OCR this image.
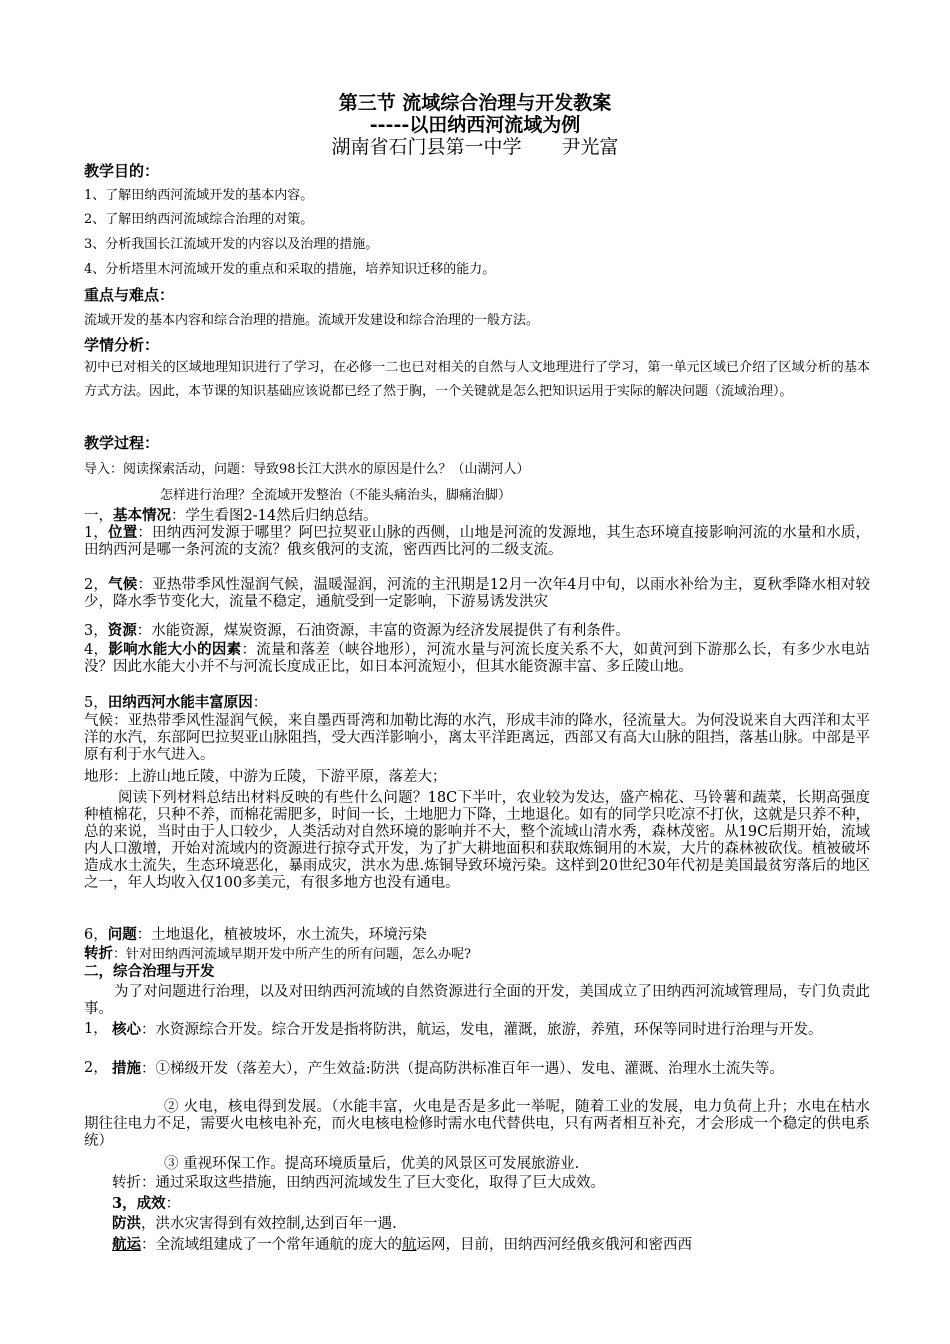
第三节 流域综合治理与开发教案
-----以田纳西河流域为例
湖南省石门县第一中学 尹光富
教学目的：
1、了解田纳西河流域开发的基本内容。
2、了解田纳西河流域综合治理的对策。
3、分析我国长江流域开发的内容以及治理的措施。
4、分析塔里木河流域开发的重点和采取的措施，培养知识迁移的能力。
重点与难点：
流域开发的基本内容和综合治理的措施。流域开发建设和综合治理的一般方法。
学情分析：
初中已对相关的区域地理知识进行了学习，在必修一二也已对相关的自然与人文地理进行了学习，第一单元区域已介绍了区域分析的基本方式方法。因此，本节课的知识基础应该说都已经了然于胸，一个关键就是怎么把知识运用于实际的解决问题（流域治理）。
教学过程：
导入：阅读探索活动，问题：导致98长江大洪水的原因是什么？（山湖河人）
怎样进行治理？全流域开发整治（不能头痛治头，脚痛治脚）
一，基本情况：学生看图2-14然后归纳总结。
1，位置：田纳西河发源于哪里？阿巴拉契亚山脉的西侧，山地是河流的发源地，其生态环境直接影响河流的水量和水质，田纳西河是哪一条河流的支流？俄亥俄河的支流，密西西比河的二级支流。
2，气候：亚热带季风性湿润气候，温暖湿润，河流的主汛期是12月一次年4月中旬，以雨水补给为主，夏秋季降水相对较少，降水季节变化大，流量不稳定，通航受到一定影响，下游易诱发洪灾
3，资源：水能资源，煤炭资源，石油资源，丰富的资源为经济发展提供了有利条件。
4，影响水能大小的因素：流量和落差（峡谷地形），河流水量与河流长度关系不大，如黄河到下游那么长，有多少水电站没？因此水能大小并不与河流长度成正比，如日本河流短小，但其水能资源丰富、多丘陵山地。
5，田纳西河水能丰富原因：
气候：亚热带季风性湿润气候，来自墨西哥湾和加勒比海的水汽，形成丰沛的降水，径流量大。为何没说来自大西洋和太平洋的水汽，东部阿巴拉契亚山脉阻挡，受大西洋影响小，离太平洋距离远，西部又有高大山脉的阻挡，落基山脉。中部是平原有利于水气进入。
地形：上游山地丘陵，中游为丘陵，下游平原，落差大；
阅读下列材料总结出材料反映的有些什么问题？18C下半叶，农业较为发达，盛产棉花、马铃薯和蔬菜，长期高强度种植棉花，只种不养，而棉花需肥多，时间一长，土地肥力下降，土地退化。如有的同学只吃凉不打伙，这就是只养不种，总的来说，当时由于人口较少，人类活动对自然环境的影响并不大，整个流域山清水秀，森林茂密。从19C后期开始，流域内人口激增，开始对流域内的资源进行掠夺式开发，为了扩大耕地面积和获取炼铜用的木炭，大片的森林被砍伐。植被破坏造成水土流失，生态环境恶化，暴雨成灾，洪水为患.炼铜导致环境污染。这样到20世纪30年代初是美国最贫穷落后的地区之一，年人均收入仅100多美元，有很多地方也没有通电。
6，问题：土地退化，植被坡坏，水土流失，环境污染
转折：针对田纳西河流域早期开发中所产生的所有问题，怎么办呢?
二，综合治理与开发
为了对问题进行治理，以及对田纳西河流域的自然资源进行全面的开发，美国成立了田纳西河流域管理局，专门负责此事。
1， 核心：水资源综合开发。综合开发是指将防洪，航运，发电，灌溉，旅游，养殖，环保等同时进行治理与开发。
2， 措施：①梯级开发（落差大），产生效益:防洪（提高防洪标准百年一遇）、发电、灌溉、治理水土流失等。
② 火电，核电得到发展。（水能丰富，火电是否是多此一举呢，随着工业的发展，电力负荷上升；水电在枯水期往往电力不足，需要火电核电补充，而火电核电检修时需水电代替供电，只有两者相互补充，才会形成一个稳定的供电系统）
③ 重视环保工作。提高环境质量后，优美的风景区可发展旅游业.
转折：通过采取这些措施，田纳西河流域发生了巨大变化，取得了巨大成效。
3，成效：
防洪，洪水灾害得到有效控制,达到百年一遇.
航运：全流域组建成了一个常年通航的庞大的航运网，目前，田纳西河经俄亥俄河和密西西
